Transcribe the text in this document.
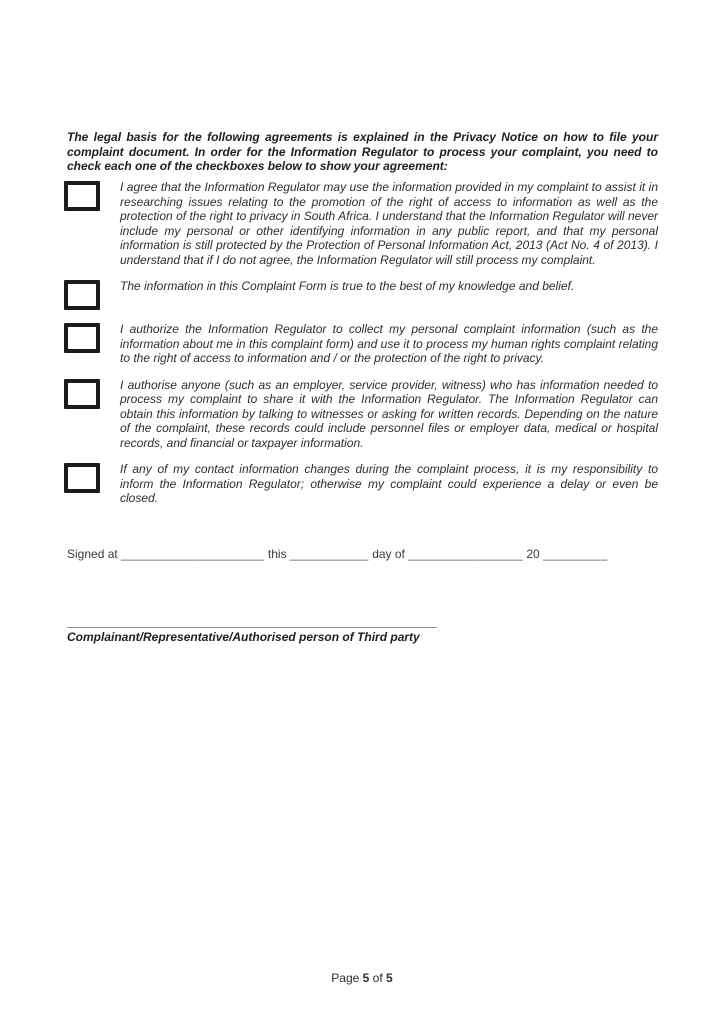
The legal basis for the following agreements is explained in the Privacy Notice on how to file your complaint document. In order for the Information Regulator to process your complaint, you need to check each one of the checkboxes below to show your agreement:

I agree that the Information Regulator may use the information provided in my complaint to assist it in researching issues relating to the promotion of the right of access to information as well as the protection of the right to privacy in South Africa. I understand that the Information Regulator will never include my personal or other identifying information in any public report, and that my personal information is still protected by the Protection of Personal Information Act, 2013 (Act No. 4 of 2013). I understand that if I do not agree, the Information Regulator will still process my complaint.

The information in this Complaint Form is true to the best of my knowledge and belief.

I authorize the Information Regulator to collect my personal complaint information (such as the information about me in this complaint form) and use it to process my human rights complaint relating to the right of access to information and / or the protection of the right to privacy.

I authorise anyone (such as an employer, service provider, witness) who has information needed to process my complaint to share it with the Information Regulator. The Information Regulator can obtain this information by talking to witnesses or asking for written records. Depending on the nature of the complaint, these records could include personnel files or employer data, medical or hospital records, and financial or taxpayer information.

If any of my contact information changes during the complaint process, it is my responsibility to inform the Information Regulator; otherwise my complaint could experience a delay or even be closed.

Signed at ____________________ this ___________ day of ________________ 20 _________
Complainant/Representative/Authorised person of Third party
Page 5 of 5
